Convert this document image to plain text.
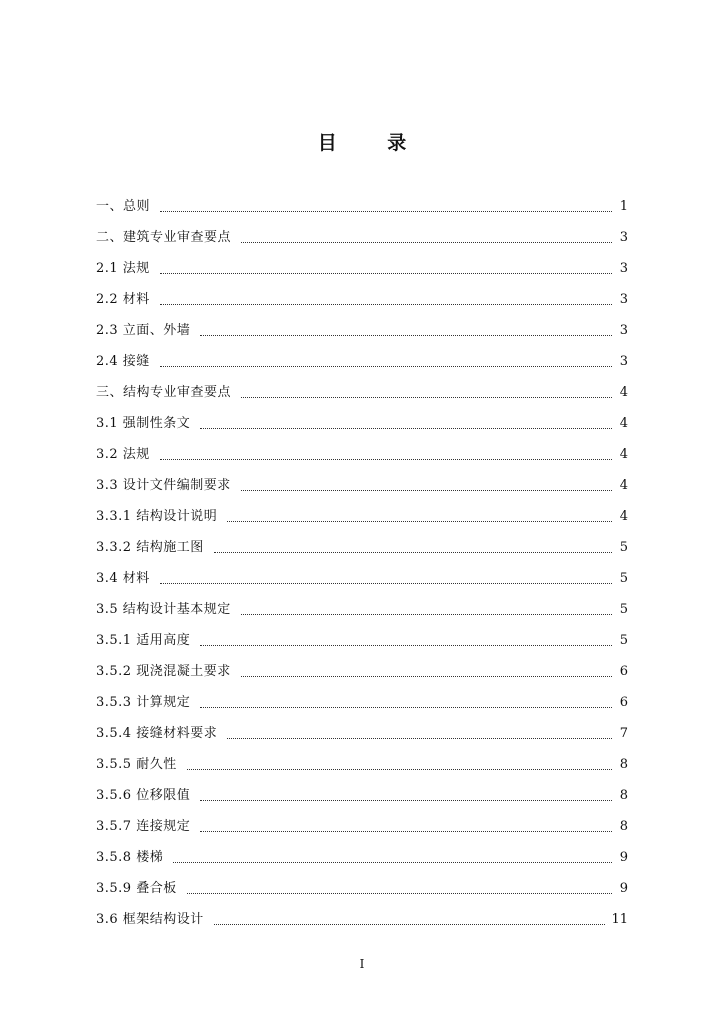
目 录
一、总则	1
二、建筑专业审查要点	3
2.1 法规	3
2.2 材料	3
2.3 立面、外墙	3
2.4 接缝	3
三、结构专业审查要点	4
3.1 强制性条文	4
3.2 法规	4
3.3 设计文件编制要求	4
3.3.1 结构设计说明	4
3.3.2 结构施工图	5
3.4 材料	5
3.5 结构设计基本规定	5
3.5.1 适用高度	5
3.5.2 现浇混凝土要求	6
3.5.3 计算规定	6
3.5.4 接缝材料要求	7
3.5.5 耐久性	8
3.5.6 位移限值	8
3.5.7 连接规定	8
3.5.8 楼梯	9
3.5.9 叠合板	9
3.6 框架结构设计	11
I
